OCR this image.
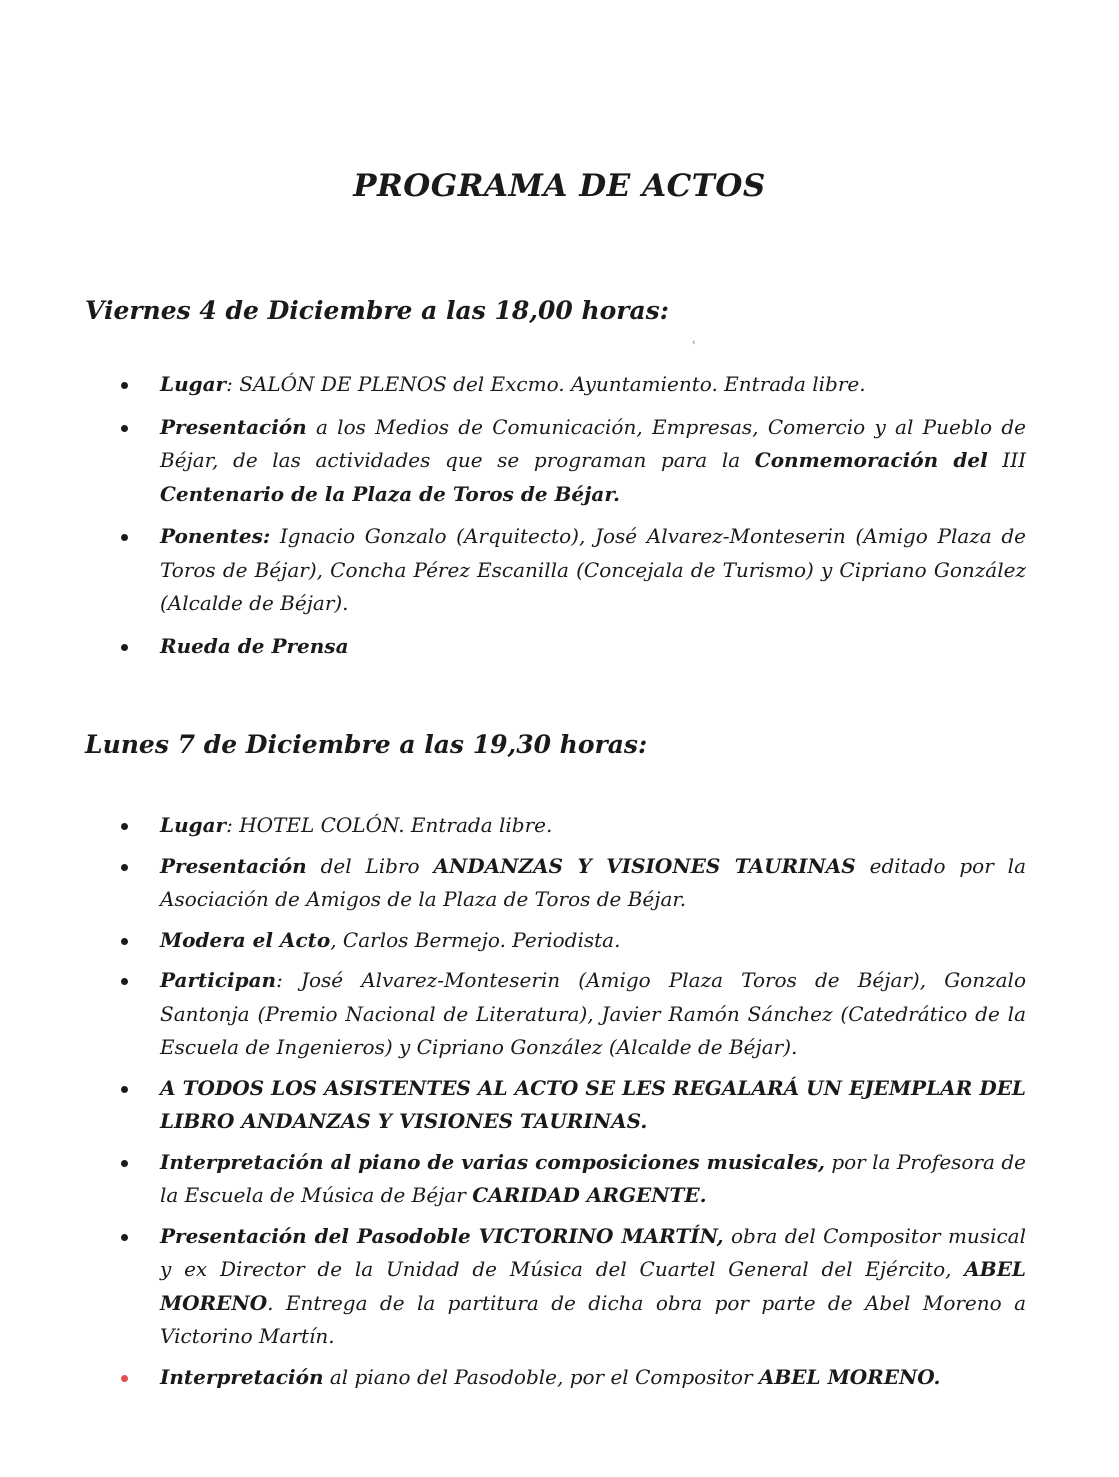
PROGRAMA DE ACTOS
Viernes 4 de Diciembre a las 18,00 horas:
‹
Lugar: SALÓN DE PLENOS del Excmo. Ayuntamiento. Entrada libre.
Presentación a los Medios de Comunicación, Empresas, Comercio y al Pueblo de Béjar, de las actividades que se programan para la Conmemoración del III Centenario de la Plaza de Toros de Béjar.
Ponentes: Ignacio Gonzalo (Arquitecto), José Alvarez-Monteserin (Amigo Plaza de Toros de Béjar), Concha Pérez Escanilla (Concejala de Turismo) y Cipriano González (Alcalde de Béjar).
Rueda de Prensa
Lunes 7 de Diciembre a las 19,30 horas:
Lugar: HOTEL COLÓN. Entrada libre.
Presentación del Libro ANDANZAS Y VISIONES TAURINAS editado por la Asociación de Amigos de la Plaza de Toros de Béjar.
Modera el Acto, Carlos Bermejo. Periodista.
Participan: José Alvarez-Monteserin (Amigo Plaza Toros de Béjar), Gonzalo Santonja (Premio Nacional de Literatura), Javier Ramón Sánchez (Catedrático de la Escuela de Ingenieros) y Cipriano González (Alcalde de Béjar).
A TODOS LOS ASISTENTES AL ACTO SE LES REGALARÁ UN EJEMPLAR DEL LIBRO ANDANZAS Y VISIONES TAURINAS.
Interpretación al piano de varias composiciones musicales, por la Profesora de la Escuela de Música de Béjar CARIDAD ARGENTE.
Presentación del Pasodoble VICTORINO MARTÍN, obra del Compositor musical y ex Director de la Unidad de Música del Cuartel General del Ejército, ABEL MORENO. Entrega de la partitura de dicha obra por parte de Abel Moreno a Victorino Martín.
Interpretación al piano del Pasodoble, por el Compositor ABEL MORENO.
